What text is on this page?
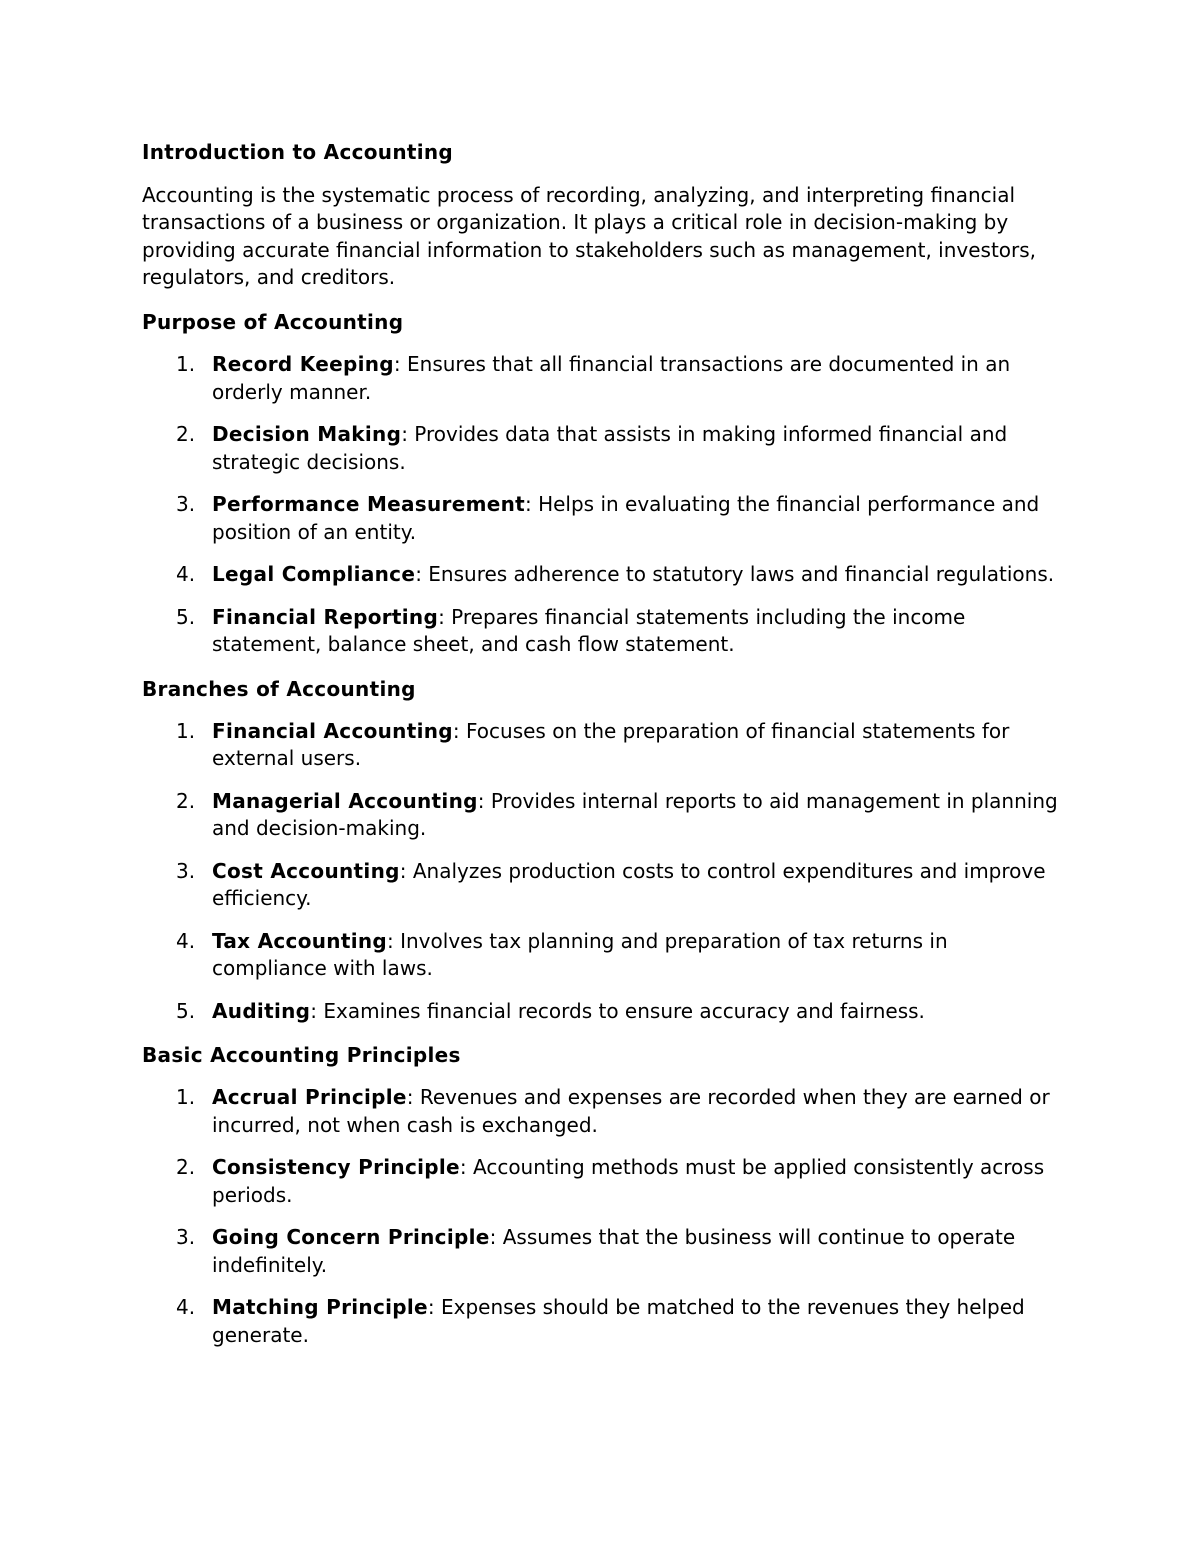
Introduction to Accounting

Accounting is the systematic process of recording, analyzing, and interpreting financial transactions of a business or organization. It plays a critical role in decision-making by providing accurate financial information to stakeholders such as management, investors, regulators, and creditors.

Purpose of Accounting
1. Record Keeping: Ensures that all financial transactions are documented in an orderly manner.
2. Decision Making: Provides data that assists in making informed financial and strategic decisions.
3. Performance Measurement: Helps in evaluating the financial performance and position of an entity.
4. Legal Compliance: Ensures adherence to statutory laws and financial regulations.
5. Financial Reporting: Prepares financial statements including the income statement, balance sheet, and cash flow statement.
Branches of Accounting
1. Financial Accounting: Focuses on the preparation of financial statements for external users.
2. Managerial Accounting: Provides internal reports to aid management in planning and decision-making.
3. Cost Accounting: Analyzes production costs to control expenditures and improve efficiency.
4. Tax Accounting: Involves tax planning and preparation of tax returns in compliance with laws.
5. Auditing: Examines financial records to ensure accuracy and fairness.
Basic Accounting Principles
1. Accrual Principle: Revenues and expenses are recorded when they are earned or incurred, not when cash is exchanged.
2. Consistency Principle: Accounting methods must be applied consistently across periods.
3. Going Concern Principle: Assumes that the business will continue to operate indefinitely.
4. Matching Principle: Expenses should be matched to the revenues they helped generate.
